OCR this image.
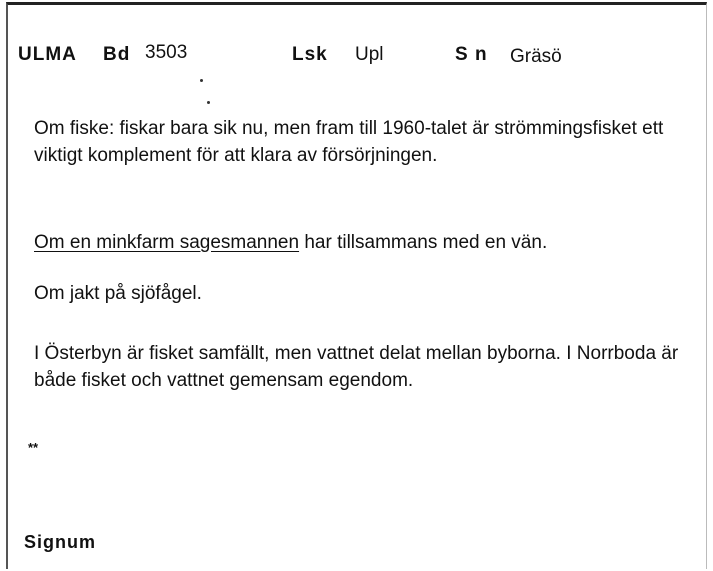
ULMA Bd 3503	Lsk Upl	S n Gräsö

Om fiske: fiskar bara sik nu, men fram till 1960-talet är strömmingsfisket ett viktigt komplement för att klara av försörjningen.

Om en minkfarm sagesmannen har tillsammans med en vän.

Om jakt på sjöfågel.

I Österbyn är fisket samfällt, men vattnet delat mellan byborna. I Norrboda är både fisket och vattnet gemensam egendom.

**
Signum
